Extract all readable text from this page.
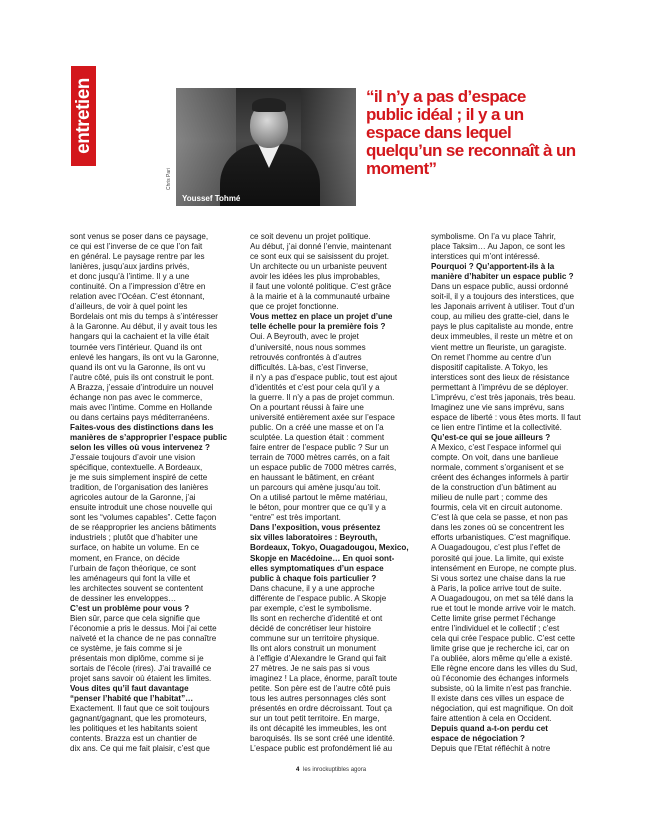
entretien
Youssef Tohmé
Chris Pari
“il n’y a pas d’espace public idéal ; il y a un espace dans lequel quelqu’un se reconnaît à un moment”

sont venus se poser dans ce paysage,
ce qui est l’inverse de ce que l’on fait
en général. Le paysage rentre par les
lanières, jusqu’aux jardins privés,
et donc jusqu’à l’intime. Il y a une
continuité. On a l’impression d’être en
relation avec l’Océan. C’est étonnant,
d’ailleurs, de voir à quel point les
Bordelais ont mis du temps à s’intéresser
à la Garonne. Au début, il y avait tous les
hangars qui la cachaient et la ville était
tournée vers l’intérieur. Quand ils ont
enlevé les hangars, ils ont vu la Garonne,
quand ils ont vu la Garonne, ils ont vu
l’autre côté, puis ils ont construit le pont.
A Brazza, j’essaie d’introduire un nouvel
échange non pas avec le commerce,
mais avec l’intime. Comme en Hollande
ou dans certains pays méditerranéens.

Faites-vous des distinctions dans les
manières de s’approprier l’espace public
selon les villes où vous intervenez ?

J’essaie toujours d’avoir une vision
spécifique, contextuelle. A Bordeaux,
je me suis simplement inspiré de cette
tradition, de l’organisation des lanières
agricoles autour de la Garonne, j’ai
ensuite introduit une chose nouvelle qui
sont les “volumes capables”. Cette façon
de se réapproprier les anciens bâtiments
industriels ; plutôt que d’habiter une
surface, on habite un volume. En ce
moment, en France, on décide
l’urbain de façon théorique, ce sont
les aménageurs qui font la ville et
les architectes souvent se contentent
de dessiner les enveloppes…

C’est un problème pour vous ?

Bien sûr, parce que cela signifie que
l’économie a pris le dessus. Moi j’ai cette
naïveté et la chance de ne pas connaître
ce système, je fais comme si je
présentais mon diplôme, comme si je
sortais de l’école (rires). J’ai travaillé ce
projet sans savoir où étaient les limites.

Vous dites qu’il faut davantage
“penser l’habité que l’habitat”…

Exactement. Il faut que ce soit toujours
gagnant/gagnant, que les promoteurs,
les politiques et les habitants soient
contents. Brazza est un chantier de
dix ans. Ce qui me fait plaisir, c’est que

ce soit devenu un projet politique.
Au début, j’ai donné l’envie, maintenant
ce sont eux qui se saisissent du projet.
Un architecte ou un urbaniste peuvent
avoir les idées les plus improbables,
il faut une volonté politique. C’est grâce
à la mairie et à la communauté urbaine
que ce projet fonctionne.

Vous mettez en place un projet d’une
telle échelle pour la première fois ?

Oui. A Beyrouth, avec le projet
d’université, nous nous sommes
retrouvés confrontés à d’autres
difficultés. Là-bas, c’est l’inverse,
il n’y a pas d’espace public, tout est ajout
d’identités et c’est pour cela qu’il y a
la guerre. Il n’y a pas de projet commun.
On a pourtant réussi à faire une
université entièrement axée sur l’espace
public. On a créé une masse et on l’a
sculptée. La question était : comment
faire entrer de l’espace public ? Sur un
terrain de 7000 mètres carrés, on a fait
un espace public de 7000 mètres carrés,
en haussant le bâtiment, en créant
un parcours qui amène jusqu’au toit.
On a utilisé partout le même matériau,
le béton, pour montrer que ce qu’il y a
“entre” est très important.

Dans l’exposition, vous présentez
six villes laboratoires : Beyrouth,
Bordeaux, Tokyo, Ouagadougou, Mexico,
Skopje en Macédoine… En quoi sont-
elles symptomatiques d’un espace
public à chaque fois particulier ?

Dans chacune, il y a une approche
différente de l’espace public. A Skopje
par exemple, c’est le symbolisme.
Ils sont en recherche d’identité et ont
décidé de concrétiser leur histoire
commune sur un territoire physique.
Ils ont alors construit un monument
à l’effigie d’Alexandre le Grand qui fait
27 mètres. Je ne sais pas si vous
imaginez ! La place, énorme, paraît toute
petite. Son père est de l’autre côté puis
tous les autres personnages clés sont
présentés en ordre décroissant. Tout ça
sur un tout petit territoire. En marge,
ils ont décapité les immeubles, les ont
baroquisés. Ils se sont créé une identité.
L’espace public est profondément lié au

symbolisme. On l’a vu place Tahrir,
place Taksim… Au Japon, ce sont les
interstices qui m’ont intéressé.

Pourquoi ? Qu’apportent-ils à la
manière d’habiter un espace public ?

Dans un espace public, aussi ordonné
soit-il, il y a toujours des interstices, que
les Japonais arrivent à utiliser. Tout d’un
coup, au milieu des gratte-ciel, dans le
pays le plus capitaliste au monde, entre
deux immeubles, il reste un mètre et on
vient mettre un fleuriste, un garagiste.
On remet l’homme au centre d’un
dispositif capitaliste. A Tokyo, les
interstices sont des lieux de résistance
permettant à l’imprévu de se déployer.
L’imprévu, c’est très japonais, très beau.
Imaginez une vie sans imprévu, sans
espace de liberté : vous êtes morts. Il faut
ce lien entre l’intime et la collectivité.

Qu’est-ce qui se joue ailleurs ?

A Mexico, c’est l’espace informel qui
compte. On voit, dans une banlieue
normale, comment s’organisent et se
créent des échanges informels à partir
de la construction d’un bâtiment au
milieu de nulle part ; comme des
fourmis, cela vit en circuit autonome.
C’est là que cela se passe, et non pas
dans les zones où se concentrent les
efforts urbanistiques. C’est magnifique.
A Ouagadougou, c’est plus l’effet de
porosité qui joue. La limite, qui existe
intensément en Europe, ne compte plus.
Si vous sortez une chaise dans la rue
à Paris, la police arrive tout de suite.
A Ouagadougou, on met sa télé dans la
rue et tout le monde arrive voir le match.
Cette limite grise permet l’échange
entre l’individuel et le collectif ; c’est
cela qui crée l’espace public. C’est cette
limite grise que je recherche ici, car on
l’a oubliée, alors même qu’elle a existé.
Elle règne encore dans les villes du Sud,
où l’économie des échanges informels
subsiste, où la limite n’est pas franchie.
Il existe dans ces villes un espace de
négociation, qui est magnifique. On doit
faire attention à cela en Occident.

Depuis quand a-t-on perdu cet
espace de négociation ?

Depuis que l’Etat réfléchit à notre

4 les inrockuptibles agora
